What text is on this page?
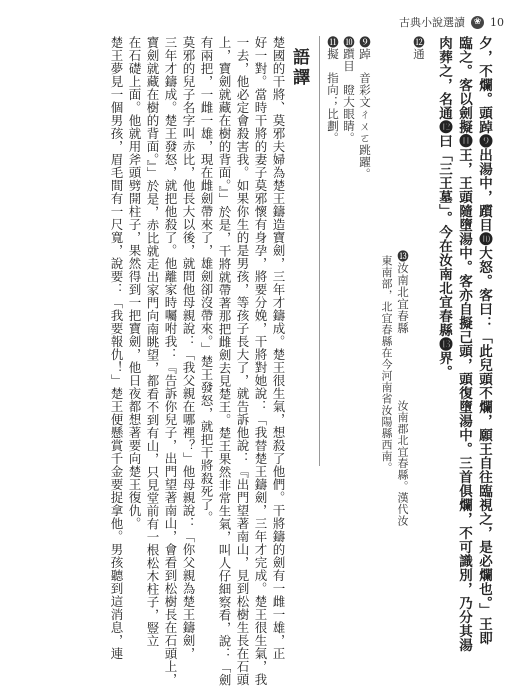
古典小說選讀 ❀ 10
夕，不爛。頭踔❾出湯中，躓目❿大怒。客曰：「此兒頭不爛，願王自往臨視之，是必爛也。」王即
臨之。客以劍擬⓫王，王頭隨墮湯中。客亦自擬己頭，頭復墮湯中。三首俱爛，不可識別，乃分其湯
肉葬之，名通⓬曰「三王墓」。今在汝南北宜春縣⓭界。
⓬通
⓭汝南北宜春縣
汝南郡北宜春縣。漢代汝
東南部，北宜春縣在今河南省汝陽縣西南。
❾踔　音彩文ㄔㄨㄛ跳躍。
❿躓目　瞪大眼睛。
⓫擬　指向；比劃。
語譯
楚國的干將、莫邪夫婦為楚王鑄造寶劍，三年才鑄成。楚王很生氣，想殺了他們。干將鑄的劍有一雌一雄，正
好一對。當時干將的妻子莫邪懷有身孕，將要分娩，干將對她說：「我替楚王鑄劍，三年才完成。楚王很生氣，我
一去，他必定會殺害我。如果你生的是男孩，等孩子長大了，就告訴他說：『出門望著南山，見到松樹生長在石頭
上，寶劍就藏在樹的背面。』」於是，干將就帶著那把雌劍去見楚王。楚王果然非常生氣，叫人仔細察看，說：「劍
有兩把，一雌一雄，現在雌劍帶來了，雄劍卻沒帶來。」楚王發怒，就把干將殺死了。
莫邪的兒子名字叫赤比，他長大以後，就問他母親說：「我父親在哪裡？」他母親說：「你父親為楚王鑄劍，
三年才鑄成。楚王發怒，就把他殺了。他離家時囑咐我：『告訴你兒子，出門望著南山，會看到松樹長在石頭上，
寶劍就藏在樹的背面。』」於是，赤比就走出家門向南眺望，都看不到有山，只見堂前有一根松木柱子，豎立
在石礎上面。他就用斧頭劈開柱子，果然得到一把寶劍，他日夜都想著要向楚王復仇。
楚王夢見一個男孩，眉毛間有一尺寬，說要：「我要報仇！」楚王便懸賞千金要捉拿他。男孩聽到這消息，連
